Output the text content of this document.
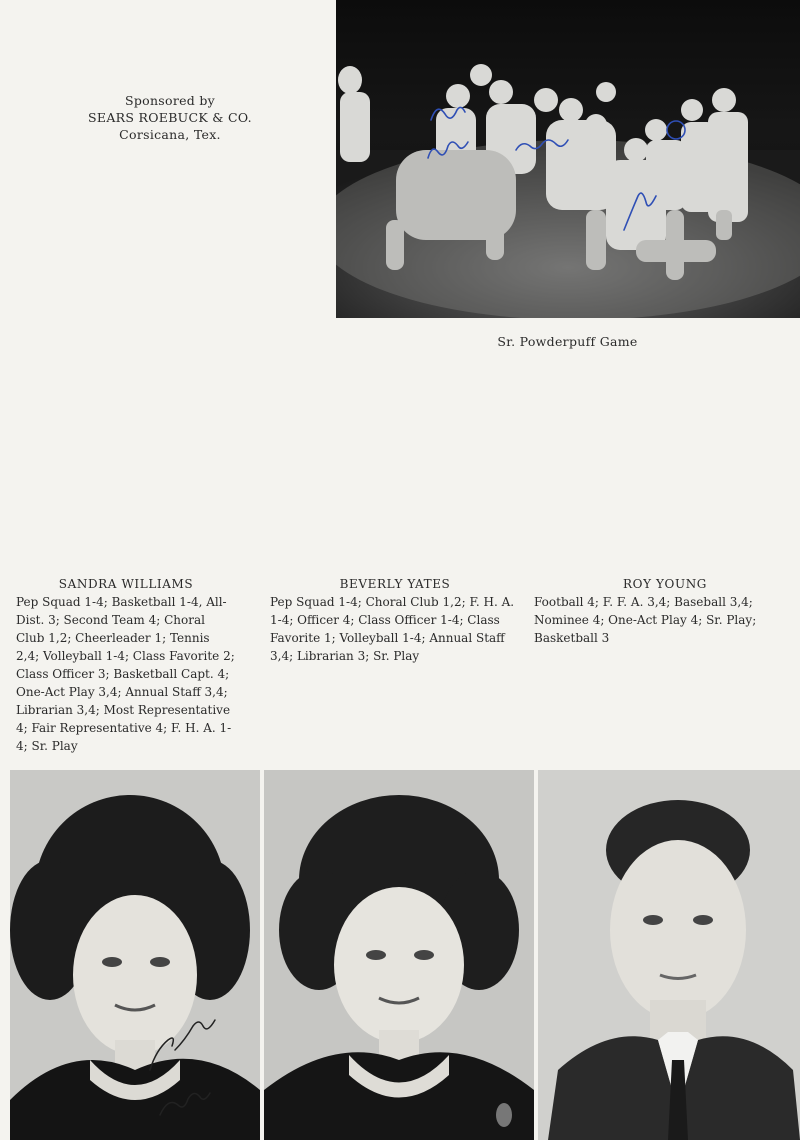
Sponsored by
SEARS ROEBUCK & CO.
Corsicana, Tex.
Sr. Powderpuff Game
SANDRA WILLIAMS
Pep Squad 1-4; Basketball 1-4, All-Dist. 3; Second Team 4; Choral Club 1,2; Cheerleader 1; Tennis 2,4; Volleyball 1-4; Class Favorite 2; Class Officer 3; Basketball Capt. 4; One-Act Play 3,4; Annual Staff 3,4; Librarian 3,4; Most Representative 4; Fair Representative 4; F. H. A. 1-4; Sr. Play
BEVERLY YATES
Pep Squad 1-4; Choral Club 1,2; F. H. A. 1-4; Officer 4; Class Officer 1-4; Class Favorite 1; Volleyball 1-4; Annual Staff 3,4; Librarian 3; Sr. Play
ROY YOUNG
Football 4; F. F. A. 3,4; Baseball 3,4; Nominee 4; One-Act Play 4; Sr. Play; Basketball 3
